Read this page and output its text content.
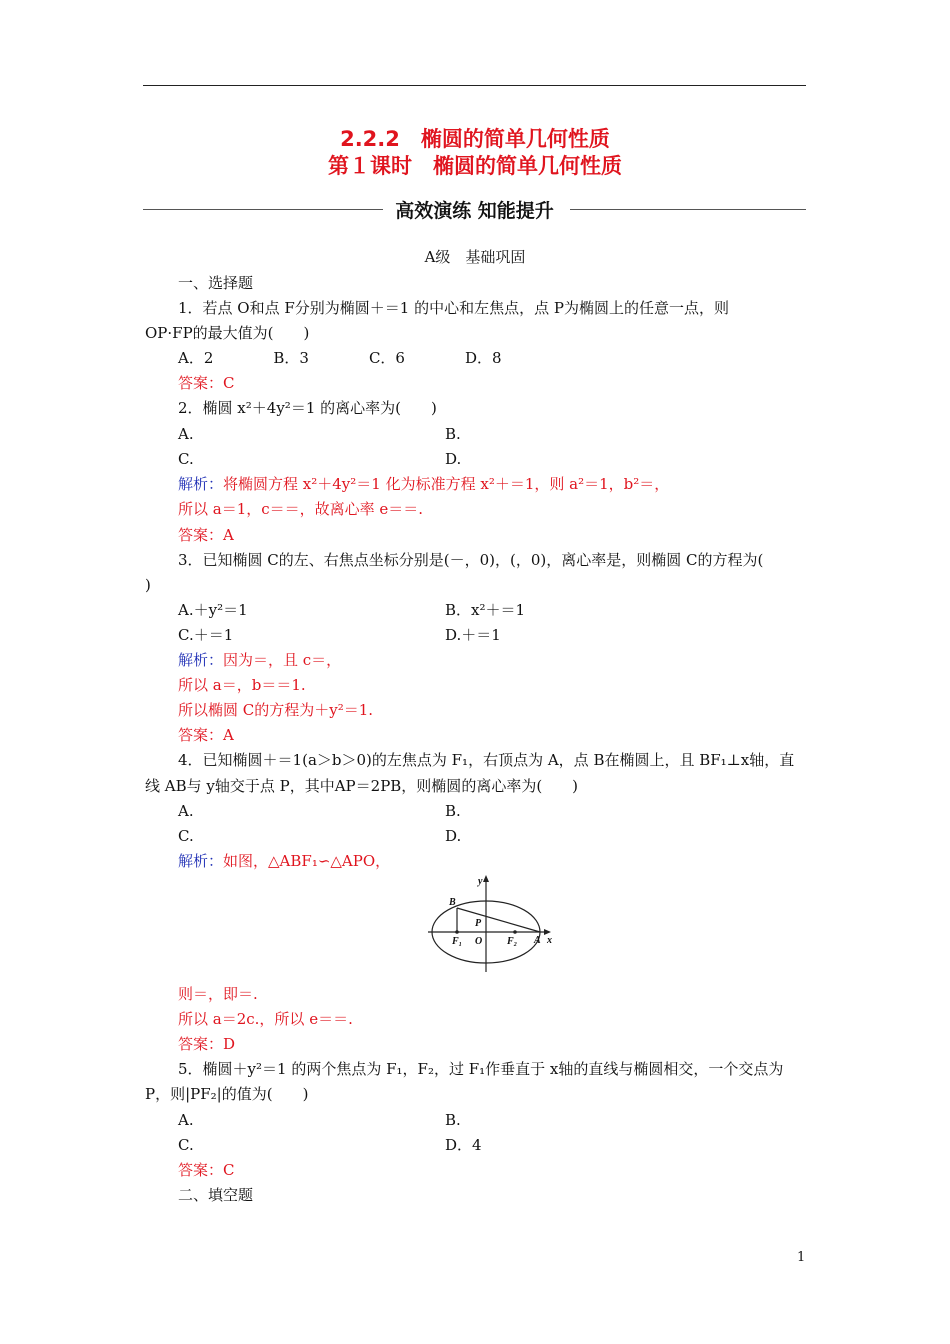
2.2.2　椭圆的简单几何性质
第１课时　椭圆的简单几何性质
高效演练 知能提升
A级　基础巩固
一、选择题
1．若点 O和点 F分别为椭圆＋＝1 的中心和左焦点，点 P为椭圆上的任意一点，则
OP·FP的最大值为(　　)
A．2　　　　B．3　　　　C．6　　　　D．8
答案：C
2．椭圆 x²＋4y²＝1 的离心率为(　　)
A.	B.
C.	D.
解析：将椭圆方程 x²＋4y²＝1 化为标准方程 x²＋＝1，则 a²＝1，b²＝，
所以 a＝1，c＝＝，故离心率 e＝＝.
答案：A
3．已知椭圆 C的左、右焦点坐标分别是(－，0)，(，0)，离心率是，则椭圆 C的方程为(
)
A.＋y²＝1	B．x²＋＝1
C.＋＝1	D.＋＝1
解析：因为＝，且 c＝，
所以 a＝，b＝＝1.
所以椭圆 C的方程为＋y²＝1.
答案：A
4．已知椭圆＋＝1(a＞b＞0)的左焦点为 F₁，右顶点为 A，点 B在椭圆上，且 BF₁⊥x轴，直
线 AB与 y轴交于点 P，其中AP＝2PB，则椭圆的离心率为(　　)
A.	B.
C.	D.
解析：如图，△ABF₁∽△APO，
y
x
B
P
F₁ O F₂ A
则＝，即＝.
所以 a＝2c.，所以 e＝＝.
答案：D
5．椭圆＋y²＝1 的两个焦点为 F₁，F₂，过 F₁作垂直于 x轴的直线与椭圆相交，一个交点为
P，则|PF₂|的值为(　　)
A.	B.
C.	D．4
答案：C
二、填空题
1
